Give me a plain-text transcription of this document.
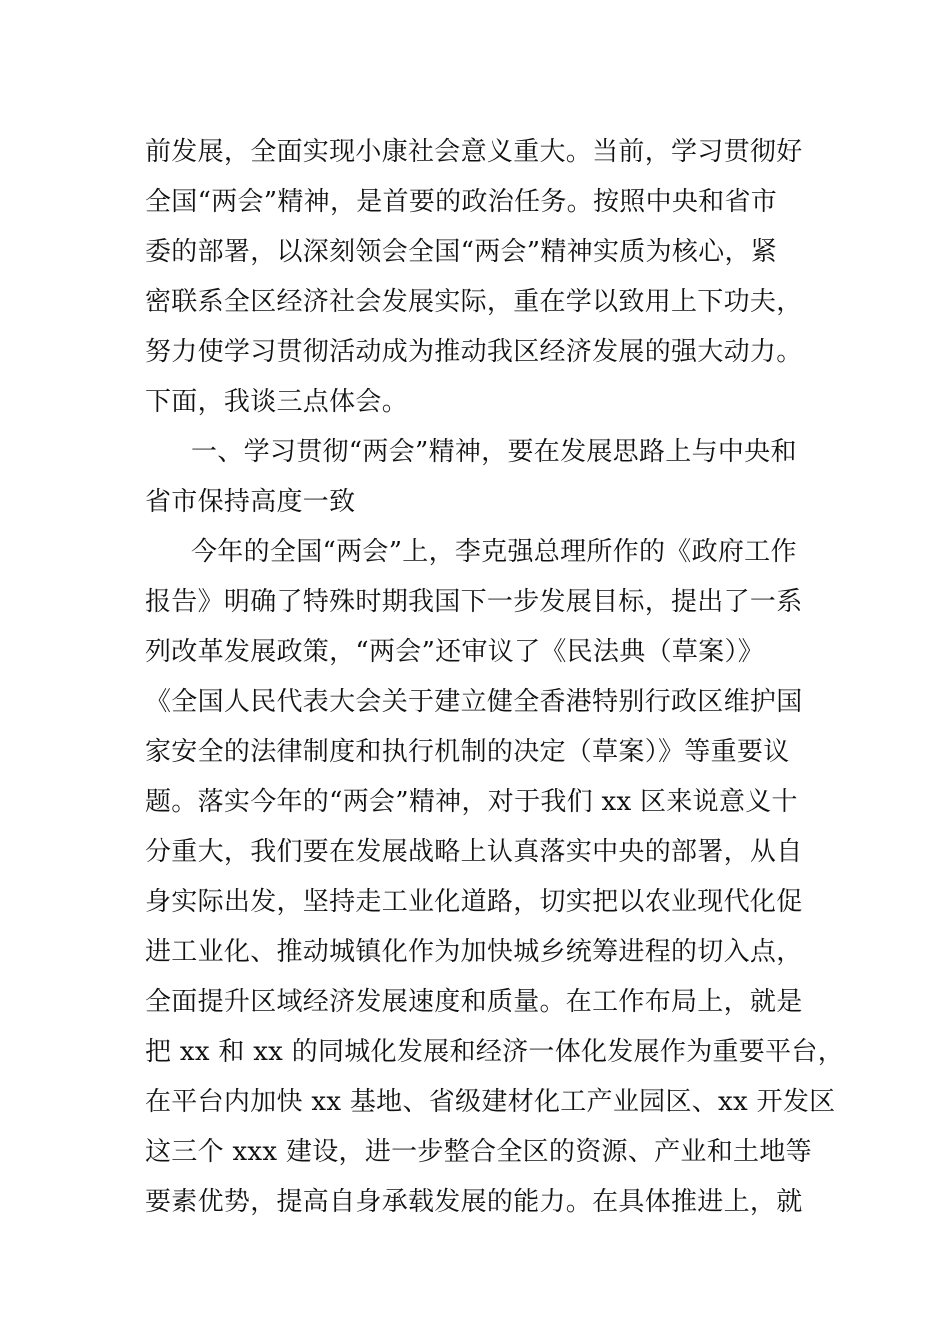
前发展，全面实现小康社会意义重大。当前，学习贯彻好
全国“两会”精神，是首要的政治任务。按照中央和省市
委的部署，以深刻领会全国“两会”精神实质为核心，紧
密联系全区经济社会发展实际，重在学以致用上下功夫，
努力使学习贯彻活动成为推动我区经济发展的强大动力。
下面，我谈三点体会。
一、学习贯彻“两会”精神，要在发展思路上与中央和
省市保持高度一致
今年的全国“两会”上，李克强总理所作的《政府工作
报告》明确了特殊时期我国下一步发展目标，提出了一系
列改革发展政策，“两会”还审议了《民法典（草案）》
《全国人民代表大会关于建立健全香港特别行政区维护国
家安全的法律制度和执行机制的决定（草案）》等重要议
题。落实今年的“两会”精神，对于我们 xx 区来说意义十
分重大，我们要在发展战略上认真落实中央的部署，从自
身实际出发，坚持走工业化道路，切实把以农业现代化促
进工业化、推动城镇化作为加快城乡统筹进程的切入点，
全面提升区域经济发展速度和质量。在工作布局上，就是
把 xx 和 xx 的同城化发展和经济一体化发展作为重要平台，
在平台内加快 xx 基地、省级建材化工产业园区、xx 开发区
这三个 xxx 建设，进一步整合全区的资源、产业和土地等
要素优势，提高自身承载发展的能力。在具体推进上，就
